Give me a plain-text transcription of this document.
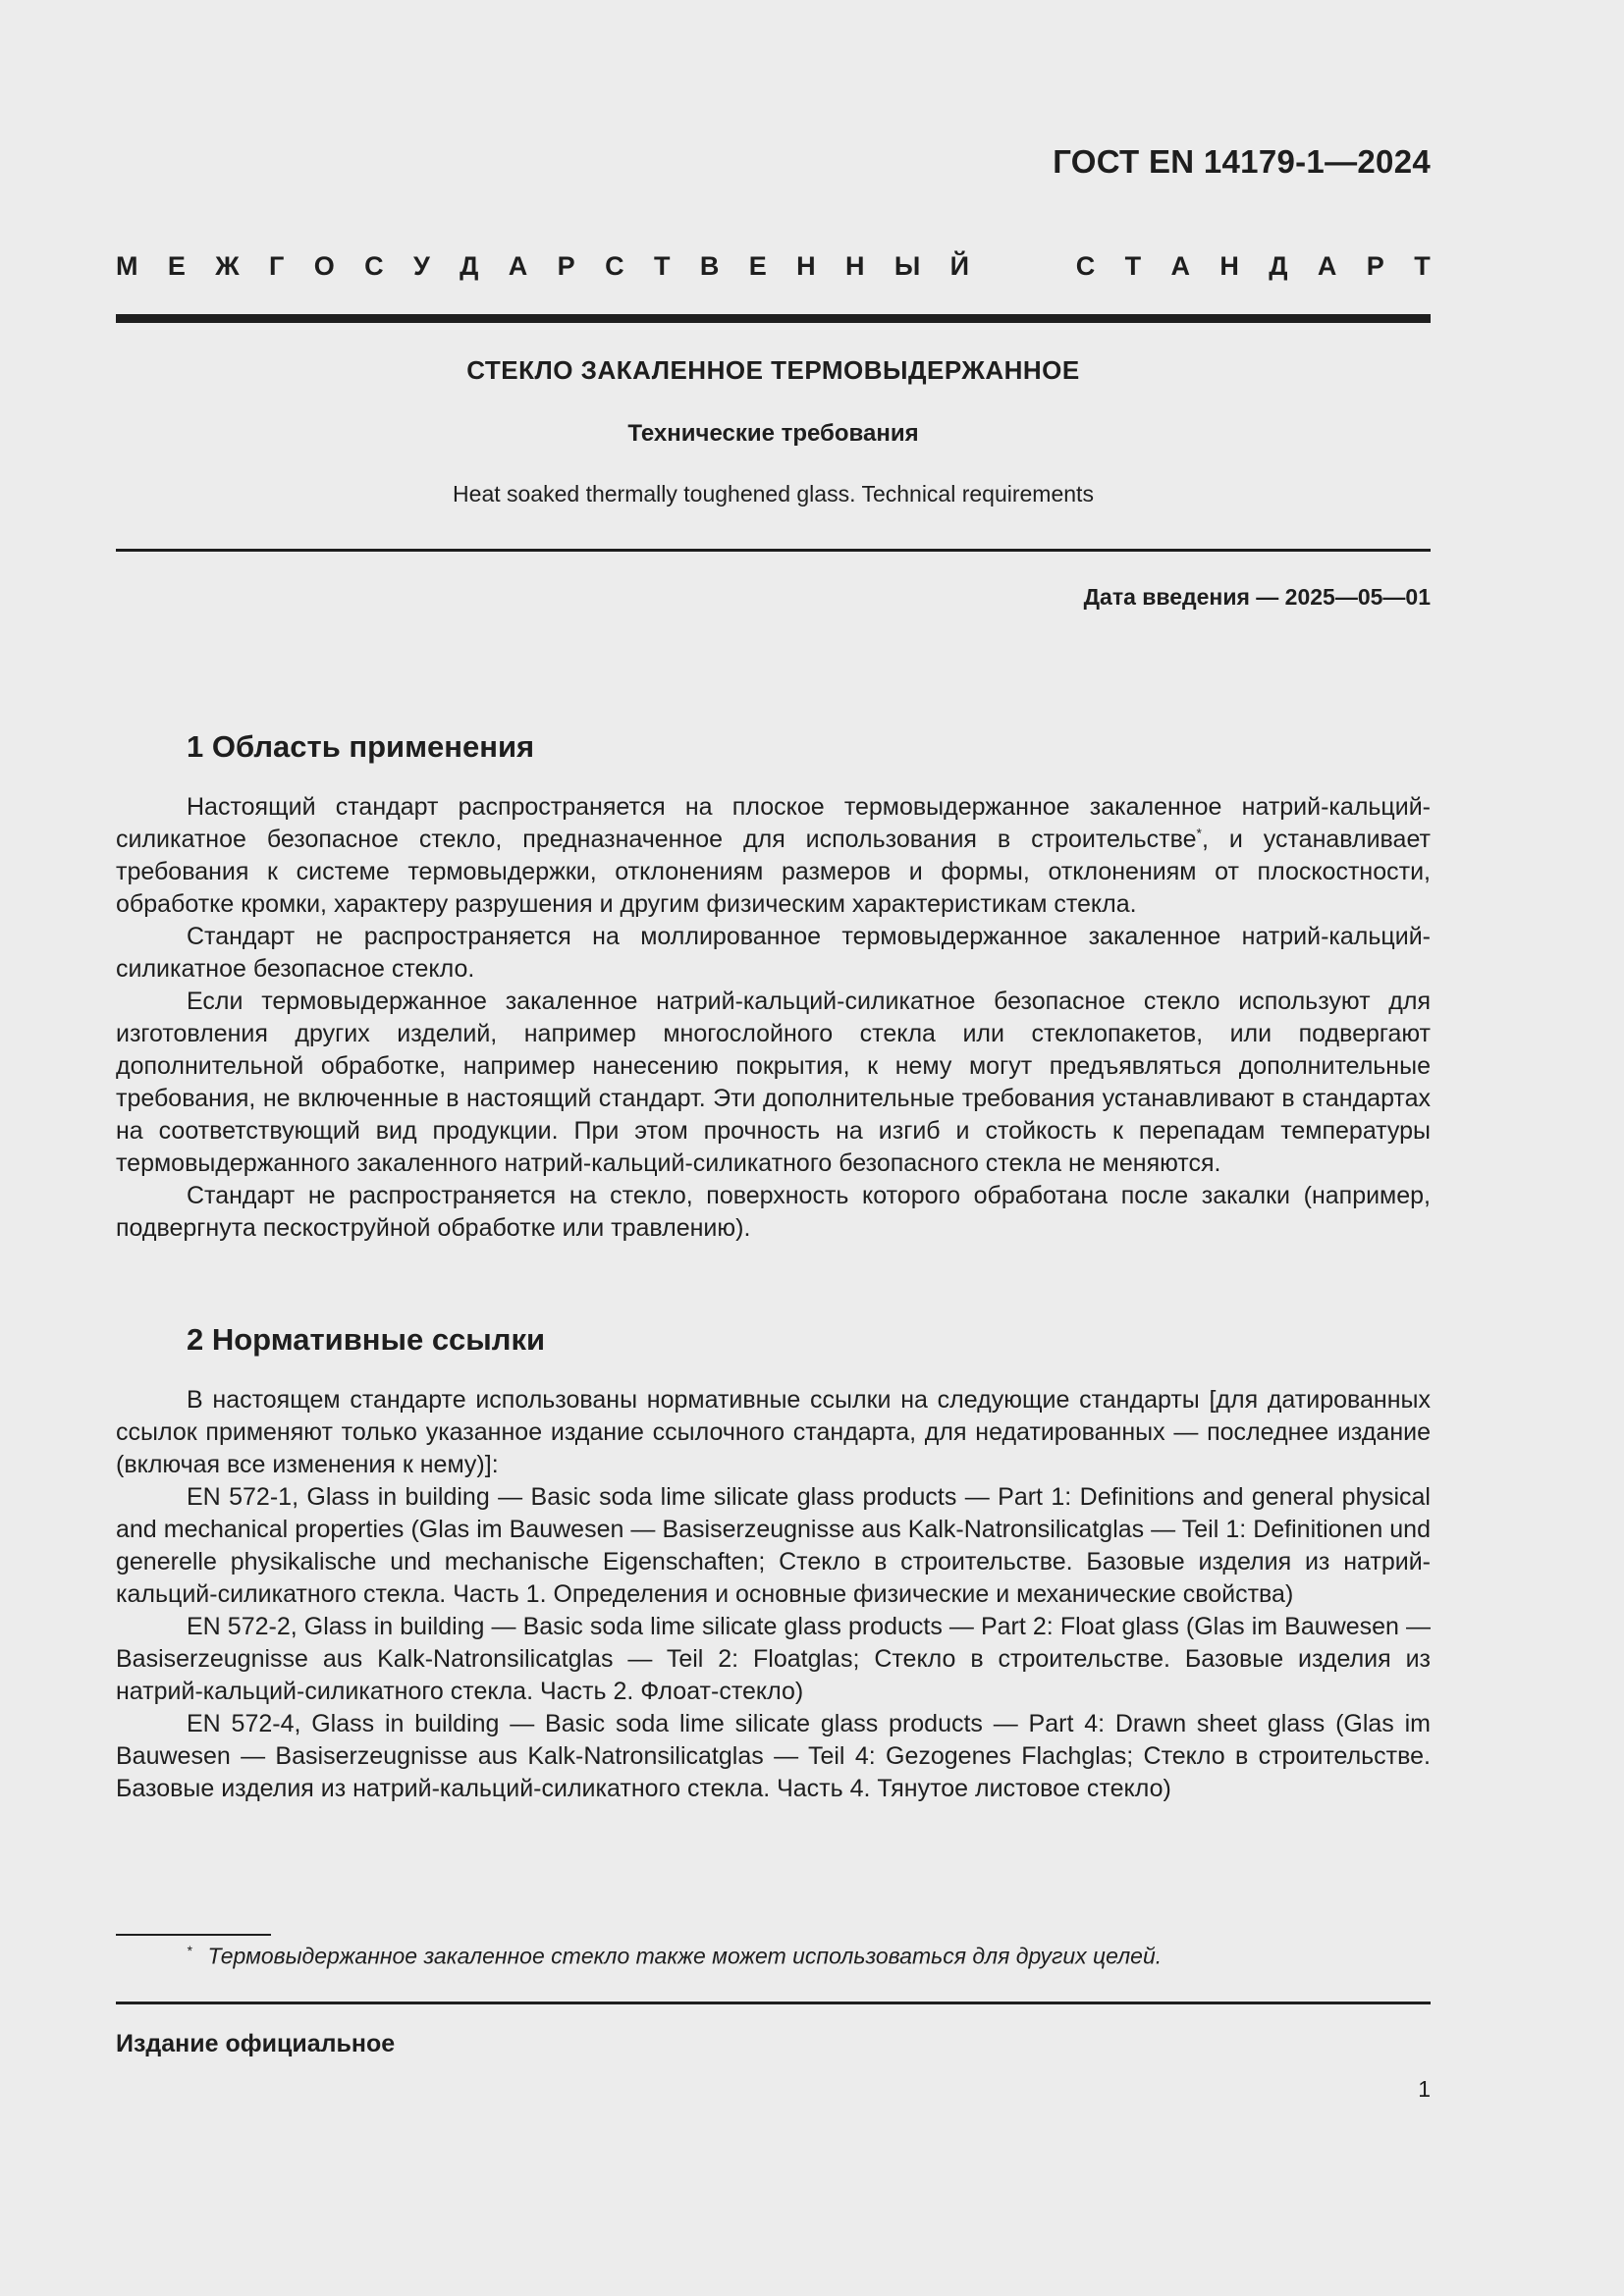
ГОСТ EN 14179-1—2024
М Е Ж Г О С У Д А Р С Т В Е Н Н Ы Й	С Т А Н Д А Р Т
СТЕКЛО ЗАКАЛЕННОЕ ТЕРМОВЫДЕРЖАННОЕ
Технические требования
Heat soaked thermally toughened glass. Technical requirements
Дата введения — 2025—05—01
1 Область применения

Настоящий стандарт распространяется на плоское термовыдержанное закаленное натрий-кальций-силикатное безопасное стекло, предназначенное для использования в строительстве*, и устанавливает требования к системе термовыдержки, отклонениям размеров и формы, отклонениям от плоскостности, обработке кромки, характеру разрушения и другим физическим характеристикам стекла.

Стандарт не распространяется на моллированное термовыдержанное закаленное натрий-кальций-силикатное безопасное стекло.

Если термовыдержанное закаленное натрий-кальций-силикатное безопасное стекло используют для изготовления других изделий, например многослойного стекла или стеклопакетов, или подвергают дополнительной обработке, например нанесению покрытия, к нему могут предъявляться дополнительные требования, не включенные в настоящий стандарт. Эти дополнительные требования устанавливают в стандартах на соответствующий вид продукции. При этом прочность на изгиб и стойкость к перепадам температуры термовыдержанного закаленного натрий-кальций-силикатного безопасного стекла не меняются.

Стандарт не распространяется на стекло, поверхность которого обработана после закалки (например, подвергнута пескоструйной обработке или травлению).

2 Нормативные ссылки

В настоящем стандарте использованы нормативные ссылки на следующие стандарты [для датированных ссылок применяют только указанное издание ссылочного стандарта, для недатированных — последнее издание (включая все изменения к нему)]:

EN 572-1, Glass in building — Basic soda lime silicate glass products — Part 1: Definitions and general physical and mechanical properties (Glas im Bauwesen — Basiserzeugnisse aus Kalk-Natronsilicatglas — Teil 1: Definitionen und generelle physikalische und mechanische Eigenschaften; Стекло в строительстве. Базовые изделия из натрий-кальций-силикатного стекла. Часть 1. Определения и основные физические и механические свойства)

EN 572-2, Glass in building — Basic soda lime silicate glass products — Part 2: Float glass (Glas im Bauwesen — Basiserzeugnisse aus Kalk-Natronsilicatglas — Teil 2: Floatglas; Стекло в строительстве. Базовые изделия из натрий-кальций-силикатного стекла. Часть 2. Флоат-стекло)

EN 572-4, Glass in building — Basic soda lime silicate glass products — Part 4: Drawn sheet glass (Glas im Bauwesen — Basiserzeugnisse aus Kalk-Natronsilicatglas — Teil 4: Gezogenes Flachglas; Стекло в строительстве. Базовые изделия из натрий-кальций-силикатного стекла. Часть 4. Тянутое листовое стекло)

* Термовыдержанное закаленное стекло также может использоваться для других целей.
Издание официальное
1
